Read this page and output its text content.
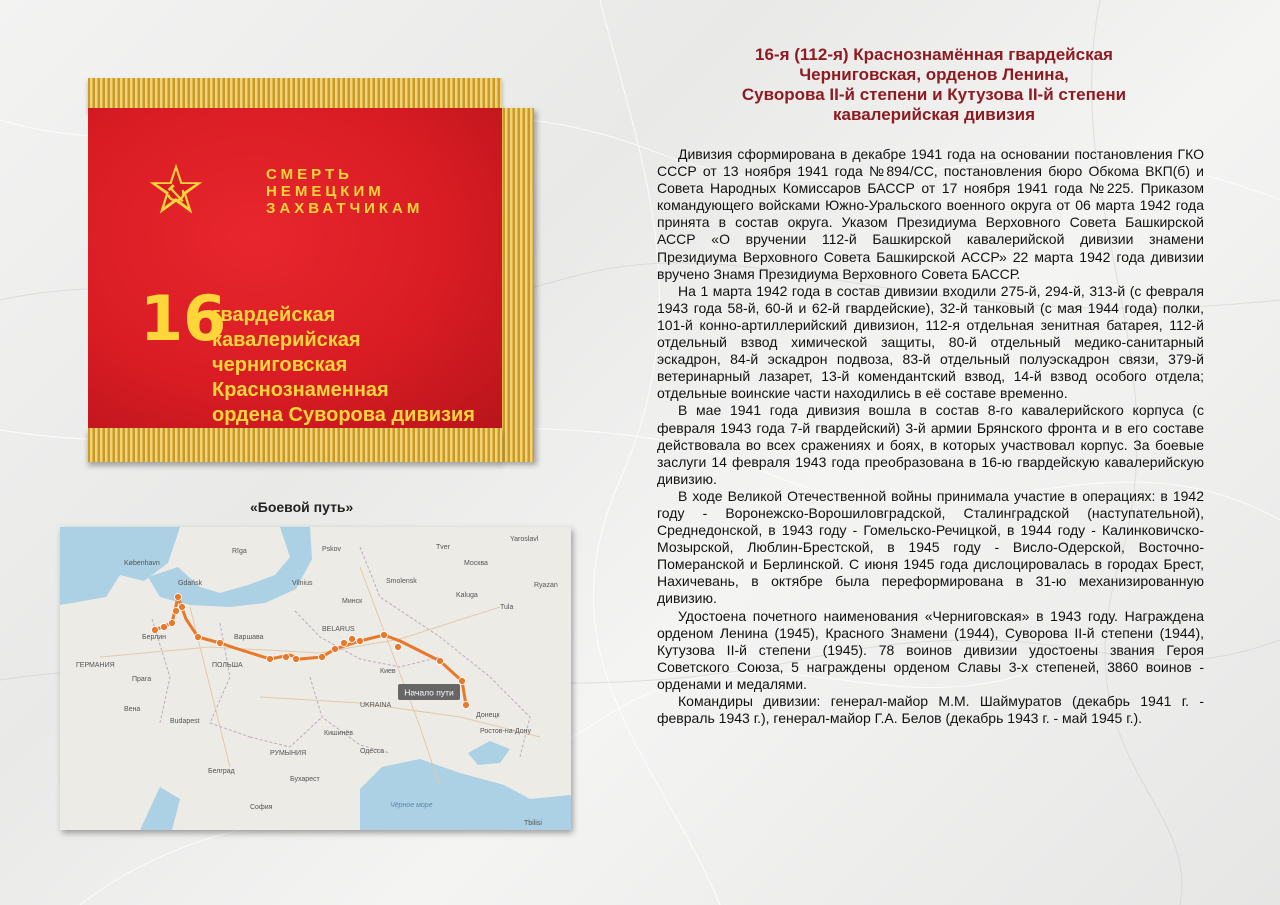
СМЕРТЬ
НЕМЕЦКИМ
ЗАХВАТЧИКАМ
16
гвардейская
кавалерийская
черниговская
Краснознаменная
ордена Суворова дивизия
«Боевой путь»
Начало пути
København
Gdańsk	Vilnius
Pskov	Tver
Москва
Rīga
Yaroslavl
Минск
Smolensk
Kaluga
Tula
Ryazan
BELARUS
ГЕРМАНИЯ	ПОЛЬША
Варшава
Берлин
Прага
Киев
UKRAINA
Вена
Budapest
РУМЫНИЯ
Кишинёв
Бухарест
Белград
София
Одесса
Донецк
Ростов-на-Дону
Tbilisi
Чёрное море
16-я (112-я) Краснознамённая гвардейская
Черниговская, орденов Ленина,
Суворова II-й степени и Кутузова II-й степени
кавалерийская дивизия

Дивизия сформирована в декабре 1941 года на основании постановления ГКО СССР от 13 ноября 1941 года №894/СС, постановления бюро Обкома ВКП(б) и Совета Народных Комиссаров БАССР от 17 ноября 1941 года №225. Приказом командующего войсками Южно-Уральского военного округа от 06 марта 1942 года принята в состав округа. Указом Президиума Верховного Совета Башкирской АССР «О вручении 112-й Башкирской кавалерийской дивизии знамени Президиума Верховного Совета Башкирской АССР» 22 марта 1942 года дивизии вручено Знамя Президиума Верховного Совета БАССР.

На 1 марта 1942 года в состав дивизии входили 275-й, 294-й, 313-й (с февраля 1943 года 58-й, 60-й и 62-й гвардейские), 32-й танковый (с мая 1944 года) полки, 101-й конно-артиллерийский дивизион, 112-я отдельная зенитная батарея, 112-й отдельный взвод химической защиты, 80-й отдельный медико-санитарный эскадрон, 84-й эскадрон подвоза, 83-й отдельный полуэскадрон связи, 379-й ветеринарный лазарет, 13-й комендантский взвод, 14-й взвод особого отдела; отдельные воинские части находились в её составе временно.

В мае 1941 года дивизия вошла в состав 8-го кавалерийского корпуса (с февраля 1943 года 7-й гвардейский) 3-й армии Брянского фронта и в его составе действовала во всех сражениях и боях, в которых участвовал корпус. За боевые заслуги 14 февраля 1943 года преобразована в 16-ю гвардейскую кавалерийскую дивизию.

В ходе Великой Отечественной войны принимала участие в операциях: в 1942 году - Воронежско-Ворошиловградской, Сталинградской (наступательной), Среднедонской, в 1943 году - Гомельско-Речицкой, в 1944 году - Калинковичско-Мозырской, Люблин-Брестской, в 1945 году - Висло-Одерской, Восточно-Померанской и Берлинской. С июня 1945 года дислоцировалась в городах Брест, Нахичевань, в октябре была переформирована в 31-ю механизированную дивизию.

Удостоена почетного наименования «Черниговская» в 1943 году. Награждена орденом Ленина (1945), Красного Знамени (1944), Суворова II-й степени (1944), Кутузова II-й степени (1945). 78 воинов дивизии удостоены звания Героя Советского Союза, 5 награждены орденом Славы 3-х степеней, 3860 воинов - орденами и медалями.

Командиры дивизии: генерал-майор М.М. Шаймуратов (декабрь 1941 г. - февраль 1943 г.), генерал-майор Г.А. Белов (декабрь 1943 г. - май 1945 г.).
